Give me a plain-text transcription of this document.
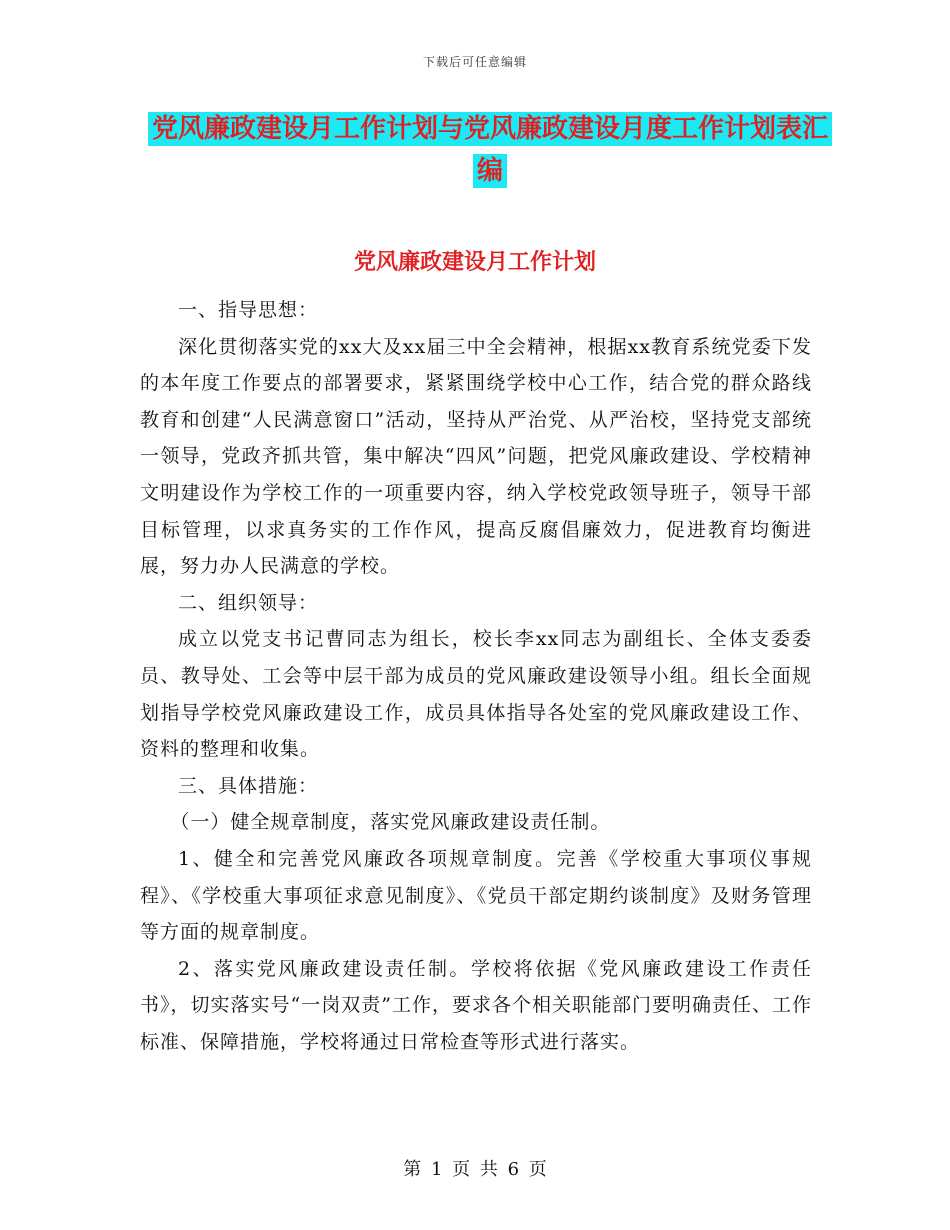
下载后可任意编辑
党风廉政建设月工作计划与党风廉政建设月度工作计划表汇编
党风廉政建设月工作计划

一、指导思想：

深化贯彻落实党的xx大及xx届三中全会精神，根据xx教育系统党委下发的本年度工作要点的部署要求，紧紧围绕学校中心工作，结合党的群众路线教育和创建“人民满意窗口”活动，坚持从严治党、从严治校，坚持党支部统一领导，党政齐抓共管，集中解决“四风”问题，把党风廉政建设、学校精神文明建设作为学校工作的一项重要内容，纳入学校党政领导班子，领导干部目标管理，以求真务实的工作作风，提高反腐倡廉效力，促进教育均衡进展，努力办人民满意的学校。

二、组织领导：

成立以党支书记曹同志为组长，校长李xx同志为副组长、全体支委委员、教导处、工会等中层干部为成员的党风廉政建设领导小组。组长全面规划指导学校党风廉政建设工作，成员具体指导各处室的党风廉政建设工作、资料的整理和收集。

三、具体措施：

（一）健全规章制度，落实党风廉政建设责任制。

1、健全和完善党风廉政各项规章制度。完善《学校重大事项仪事规程》、《学校重大事项征求意见制度》、《党员干部定期约谈制度》及财务管理等方面的规章制度。

2、落实党风廉政建设责任制。学校将依据《党风廉政建设工作责任书》，切实落实号“一岗双责”工作，要求各个相关职能部门要明确责任、工作标准、保障措施，学校将通过日常检查等形式进行落实。

第 1 页 共 6 页
